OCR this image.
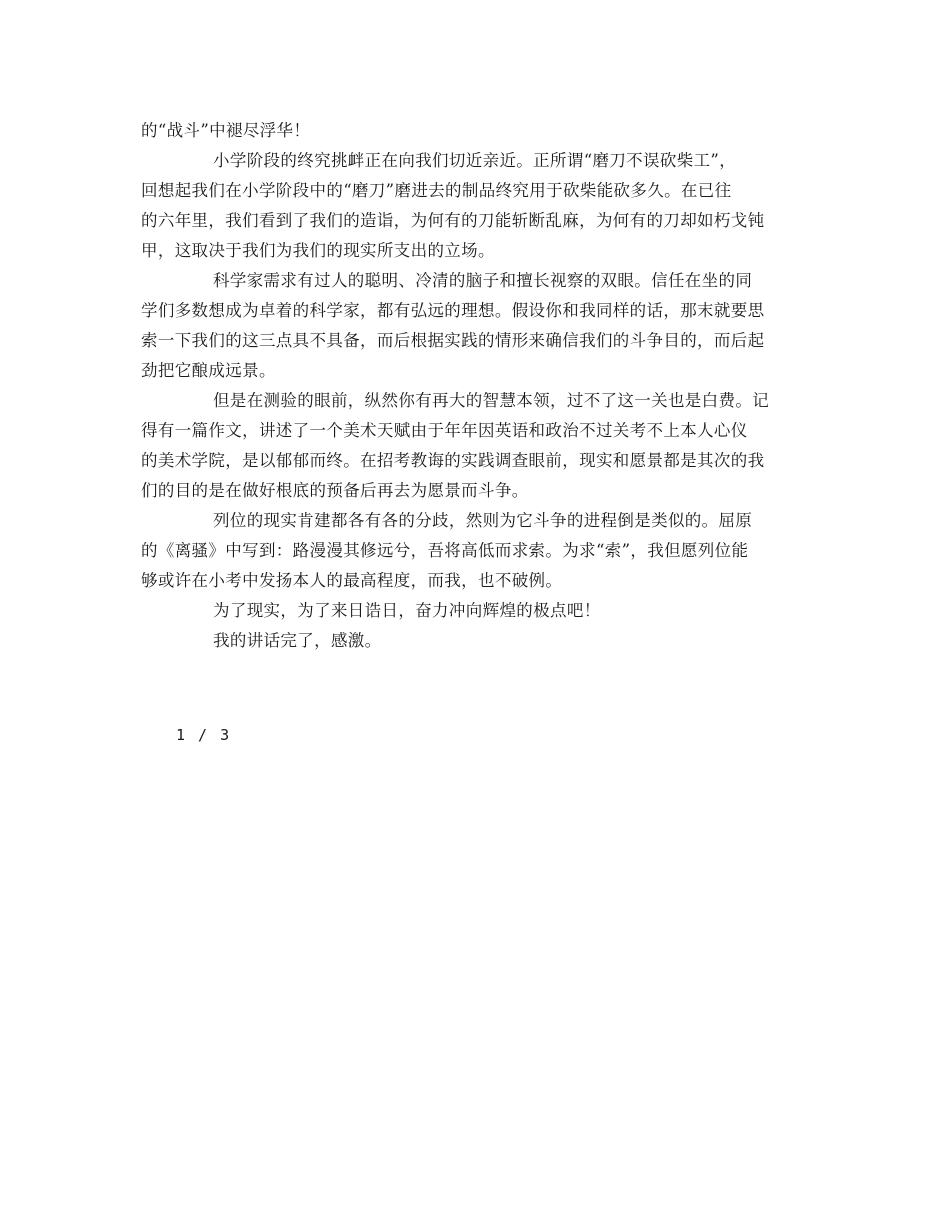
的“战斗”中褪尽浮华！
小学阶段的终究挑衅正在向我们切近亲近。正所谓“磨刀不误砍柴工”，
回想起我们在小学阶段中的“磨刀”磨进去的制品终究用于砍柴能砍多久。在已往
的六年里，我们看到了我们的造诣，为何有的刀能斩断乱麻，为何有的刀却如朽戈钝
甲，这取决于我们为我们的现实所支出的立场。
科学家需求有过人的聪明、冷清的脑子和擅长视察的双眼。信任在坐的同
学们多数想成为卓着的科学家，都有弘远的理想。假设你和我同样的话，那末就要思
索一下我们的这三点具不具备，而后根据实践的情形来确信我们的斗争目的，而后起
劲把它酿成远景。
但是在测验的眼前，纵然你有再大的智慧本领，过不了这一关也是白费。记
得有一篇作文，讲述了一个美术天赋由于年年因英语和政治不过关考不上本人心仪
的美术学院，是以郁郁而终。在招考教诲的实践调查眼前，现实和愿景都是其次的我
们的目的是在做好根底的预备后再去为愿景而斗争。
列位的现实肯建都各有各的分歧，然则为它斗争的进程倒是类似的。屈原
的《离骚》中写到：路漫漫其修远兮，吾将高低而求索。为求“索”，我但愿列位能
够或许在小考中发扬本人的最高程度，而我，也不破例。
为了现实，为了来日诰日，奋力冲向辉煌的极点吧！
我的讲话完了，感激。
1 / 3
